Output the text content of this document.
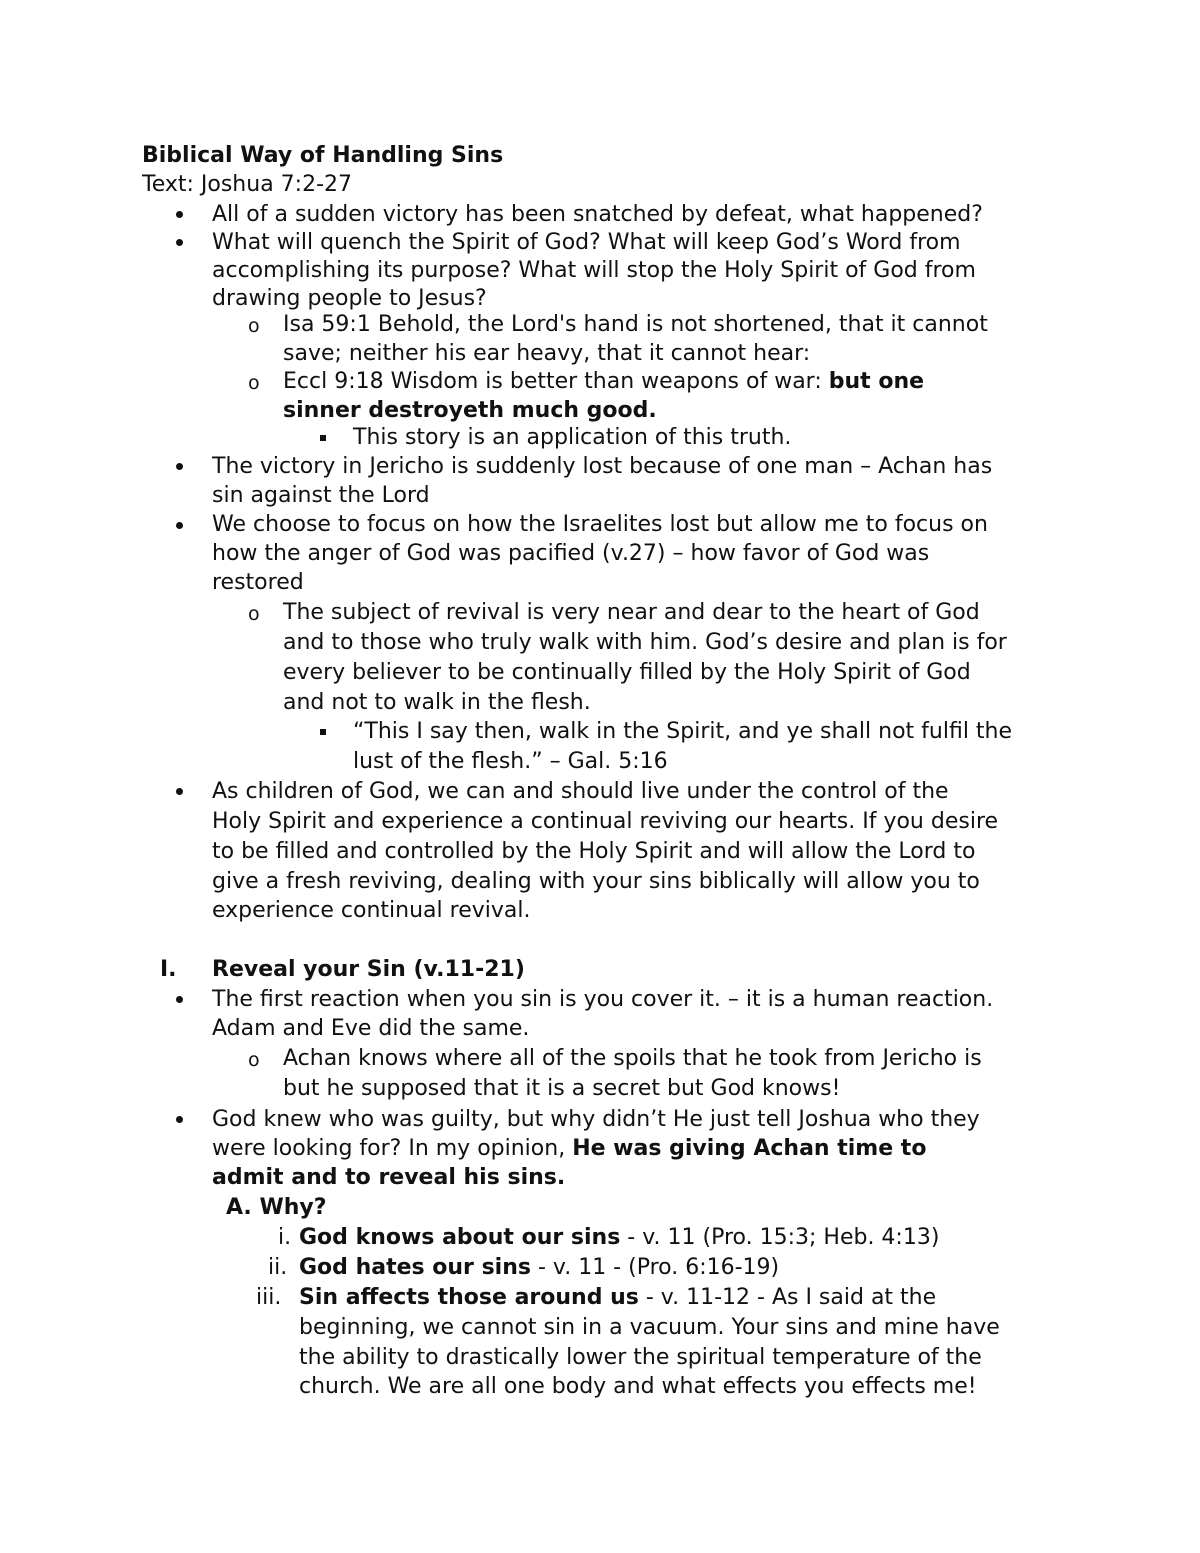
Biblical Way of Handling Sins

Text: Joshua 7:2-27

All of a sudden victory has been snatched by defeat, what happened?

What will quench the Spirit of God? What will keep God’s Word from

accomplishing its purpose? What will stop the Holy Spirit of God from

drawing people to Jesus?

o Isa 59:1 Behold, the Lord's hand is not shortened, that it cannot

save; neither his ear heavy, that it cannot hear:

o Eccl 9:18 Wisdom is better than weapons of war: but one

sinner destroyeth much good.

This story is an application of this truth.

The victory in Jericho is suddenly lost because of one man – Achan has

sin against the Lord

We choose to focus on how the Israelites lost but allow me to focus on

how the anger of God was pacified (v.27) – how favor of God was

restored

o The subject of revival is very near and dear to the heart of God

and to those who truly walk with him. God’s desire and plan is for

every believer to be continually filled by the Holy Spirit of God

and not to walk in the flesh.

“This I say then, walk in the Spirit, and ye shall not fulfil the

lust of the flesh.” – Gal. 5:16

As children of God, we can and should live under the control of the

Holy Spirit and experience a continual reviving our hearts. If you desire

to be filled and controlled by the Holy Spirit and will allow the Lord to

give a fresh reviving, dealing with your sins biblically will allow you to

experience continual revival.

I. Reveal your Sin (v.11-21)

The first reaction when you sin is you cover it. – it is a human reaction.

Adam and Eve did the same.

o Achan knows where all of the spoils that he took from Jericho is

but he supposed that it is a secret but God knows!

God knew who was guilty, but why didn’t He just tell Joshua who they

were looking for? In my opinion, He was giving Achan time to

admit and to reveal his sins.

A. Why?

i. God knows about our sins - v. 11 (Pro. 15:3; Heb. 4:13)

ii. God hates our sins - v. 11 - (Pro. 6:16-19)

iii. Sin affects those around us - v. 11-12 - As I said at the

beginning, we cannot sin in a vacuum. Your sins and mine have

the ability to drastically lower the spiritual temperature of the

church. We are all one body and what effects you effects me!
